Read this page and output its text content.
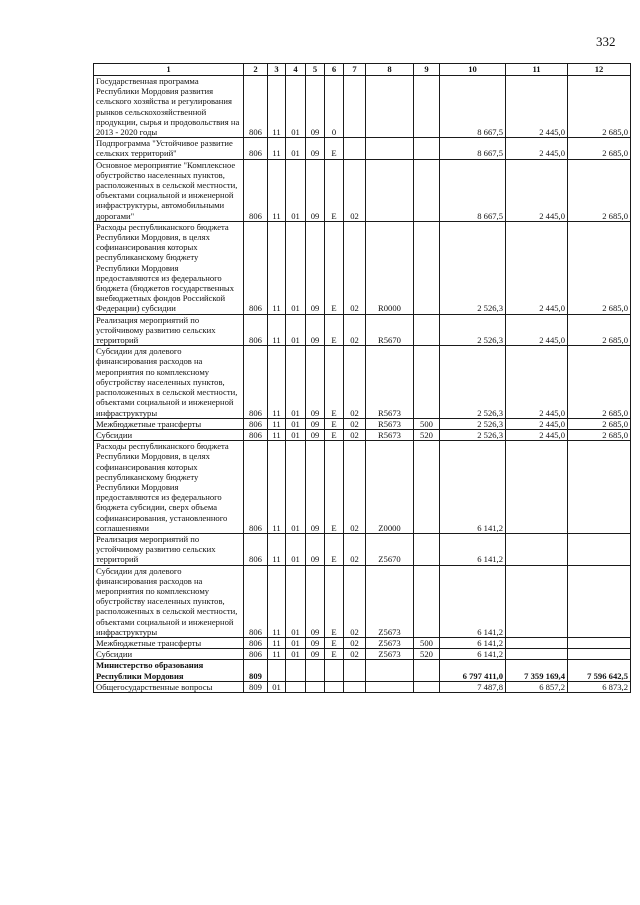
332
1	2	3	4	5	6	7	8	9	10	11	12
Государственная программа Республики Мордовия развития сельского хозяйства и регулирования рынков сельскохозяйственной продукции, сырья и продовольствия на 2013 - 2020 годы	806	11	01	09	0				8 667,5	2 445,0	2 685,0
Подпрограмма "Устойчивое развитие сельских территорий"	806	11	01	09	Е				8 667,5	2 445,0	2 685,0
Основное мероприятие "Комплексное обустройство населенных пунктов, расположенных в сельской местности, объектами социальной и инженерной инфраструктуры, автомобильными дорогами"	806	11	01	09	Е	02			8 667,5	2 445,0	2 685,0
Расходы республиканского бюджета Республики Мордовия, в целях софинансирования которых республиканскому бюджету Республики Мордовия предоставляются из федерального бюджета (бюджетов государственных внебюджетных фондов Российской Федерации) субсидии	806	11	01	09	Е	02	R0000		2 526,3	2 445,0	2 685,0
Реализация мероприятий по устойчивому развитию сельских территорий	806	11	01	09	Е	02	R5670		2 526,3	2 445,0	2 685,0
Субсидии для долевого финансирования расходов на мероприятия по комплексному обустройству населенных пунктов, расположенных в сельской местности, объектами социальной и инженерной инфраструктуры	806	11	01	09	Е	02	R5673		2 526,3	2 445,0	2 685,0
Межбюджетные трансферты	806	11	01	09	Е	02	R5673	500	2 526,3	2 445,0	2 685,0
Субсидии	806	11	01	09	Е	02	R5673	520	2 526,3	2 445,0	2 685,0
Расходы республиканского бюджета Республики Мордовия, в целях софинансирования которых республиканскому бюджету Республики Мордовия предоставляются из федерального бюджета субсидии, сверх объема софинансирования, установленного соглашениями	806	11	01	09	Е	02	Z0000		6 141,2		
Реализация мероприятий по устойчивому развитию сельских территорий	806	11	01	09	Е	02	Z5670		6 141,2		
Субсидии для долевого финансирования расходов на мероприятия по комплексному обустройству населенных пунктов, расположенных в сельской местности, объектами социальной и инженерной инфраструктуры	806	11	01	09	Е	02	Z5673		6 141,2		
Межбюджетные трансферты	806	11	01	09	Е	02	Z5673	500	6 141,2		
Субсидии	806	11	01	09	Е	02	Z5673	520	6 141,2		
Министерство образования Республики Мордовия	809								6 797 411,0	7 359 169,4	7 596 642,5
Общегосударственные вопросы	809	01							7 487,8	6 857,2	6 873,2
